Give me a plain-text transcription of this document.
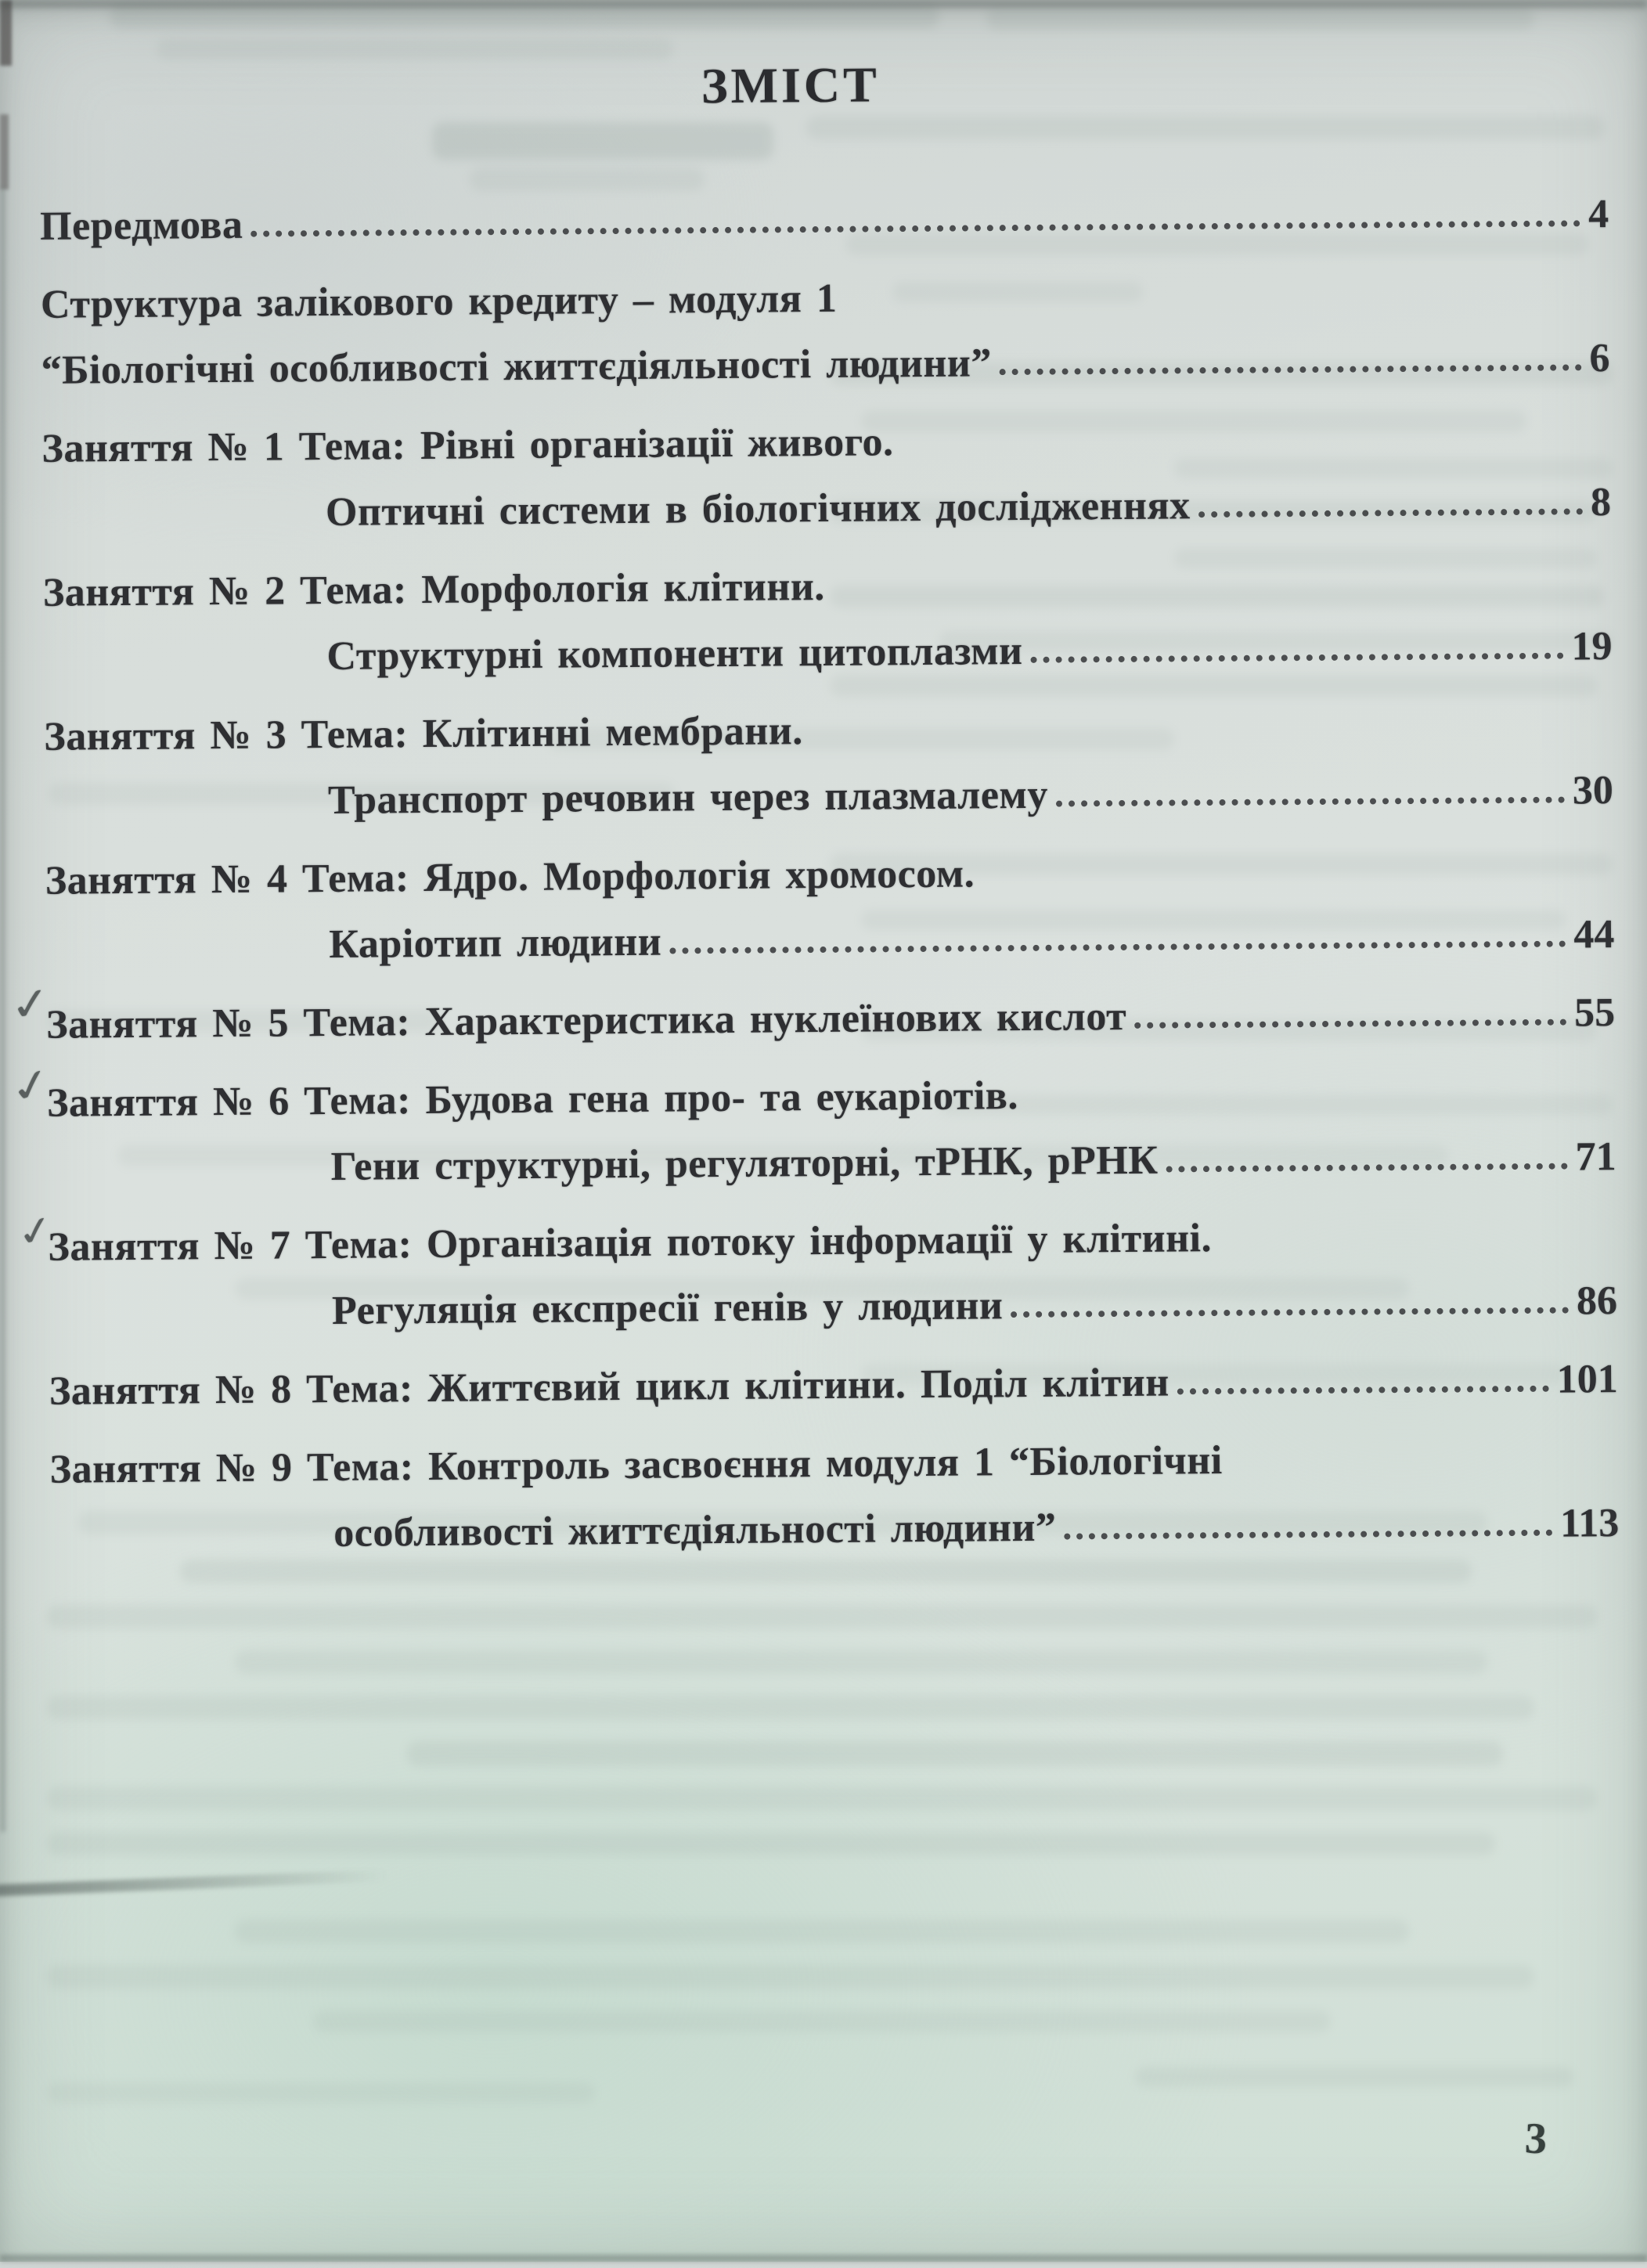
ЗМІСТ
Передмова	4
Структура залікового кредиту – модуля 1
“Біологічні особливості життєдіяльності людини”	6
Заняття № 1 Тема: Рівні організації живого.
Оптичні системи в біологічних дослідженнях	8
Заняття № 2 Тема: Морфологія клітини.
Структурні компоненти цитоплазми	19
Заняття № 3 Тема: Клітинні мембрани.
Транспорт речовин через плазмалему	30
Заняття № 4 Тема: Ядро. Морфологія хромосом.
Каріотип людини	44
✓
Заняття № 5 Тема: Характеристика нуклеїнових кислот	55
✓
Заняття № 6 Тема: Будова гена про- та еукаріотів.
Гени структурні, регуляторні, тРНК, рРНК	71
✓
Заняття № 7 Тема: Організація потоку інформації у клітині.
Регуляція експресії генів у людини	86
Заняття № 8 Тема: Життєвий цикл клітини. Поділ клітин	101
Заняття № 9 Тема: Контроль засвоєння модуля 1 “Біологічні
особливості життєдіяльності людини”	113
3
